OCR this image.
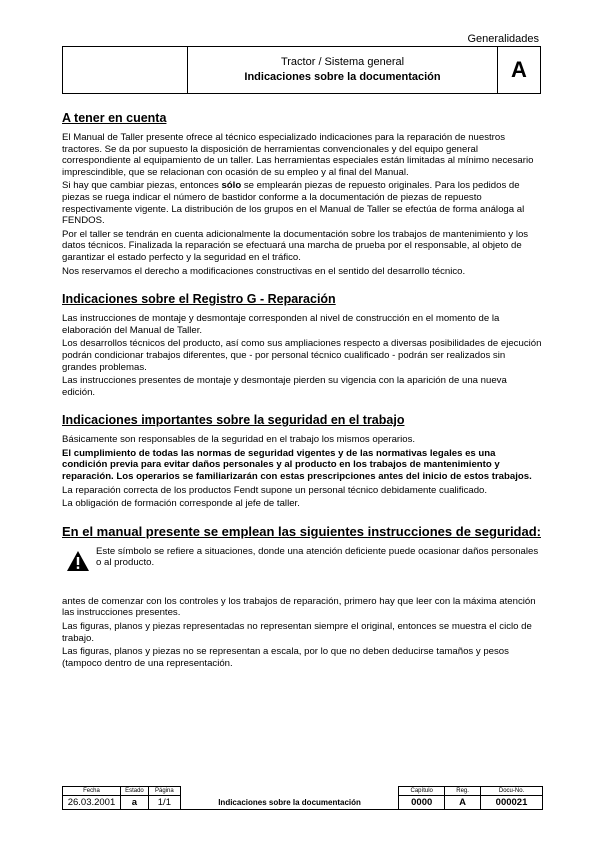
Generalidades
Tractor / Sistema general
Indicaciones sobre la documentación	A
A tener en cuenta

El Manual de Taller presente ofrece al técnico especializado indicaciones para la reparación de nuestros tractores. Se da por supuesto la disposición de herramientas convencionales y del equipo general correspondiente al equipamiento de un taller. Las herramientas especiales están limitadas al mínimo necesario imprescindible, que se relacionan con ocasión de su empleo y al final del Manual.

Si hay que cambiar piezas, entonces sólo se emplearán piezas de repuesto originales. Para los pedidos de piezas se ruega indicar el número de bastidor conforme a la documentación de piezas de repuesto respectivamente vigente. La distribución de los grupos en el Manual de Taller se efectúa de forma análoga al FENDOS.

Por el taller se tendrán en cuenta adicionalmente la documentación sobre los trabajos de mantenimiento y los datos técnicos. Finalizada la reparación se efectuará una marcha de prueba por el responsable, al objeto de garantizar el estado perfecto y la seguridad en el tráfico.

Nos reservamos el derecho a modificaciones constructivas en el sentido del desarrollo técnico.

Indicaciones sobre el Registro G - Reparación

Las instrucciones de montaje y desmontaje corresponden al nivel de construcción en el momento de la elaboración del Manual de Taller.

Los desarrollos técnicos del producto, así como sus ampliaciones respecto a diversas posibilidades de ejecución podrán condicionar trabajos diferentes, que - por personal técnico cualificado - podrán ser realizados sin grandes problemas.

Las instrucciones presentes de montaje y desmontaje pierden su vigencia con la aparición de una nueva edición.

Indicaciones importantes sobre la seguridad en el trabajo

Básicamente son responsables de la seguridad en el trabajo los mismos operarios.

El cumplimiento de todas las normas de seguridad vigentes y de las normativas legales es una condición previa para evitar daños personales y al producto en los trabajos de mantenimiento y reparación. Los operarios se familiarizarán con estas prescripciones antes del inicio de estos trabajos.

La reparación correcta de los productos Fendt supone un personal técnico debidamente cualificado.

La obligación de formación corresponde al jefe de taller.

En el manual presente se emplean las siguientes instrucciones de seguridad:

Este símbolo se refiere a situaciones, donde una atención deficiente puede ocasionar daños personales o al producto.

antes de comenzar con los controles y los trabajos de reparación, primero hay que leer con la máxima atención las instrucciones presentes.

Las figuras, planos y piezas representadas no representan siempre el original, entonces se muestra el ciclo de trabajo.

Las figuras, planos y piezas no se representan a escala, por lo que no deben deducirse tamaños y pesos (tampoco dentro de una representación.

Fecha	Estado	Página		Capítulo	Reg.	Docu-No.
26.03.2001	a	1/1	Indicaciones sobre la documentación	0000	A	000021
